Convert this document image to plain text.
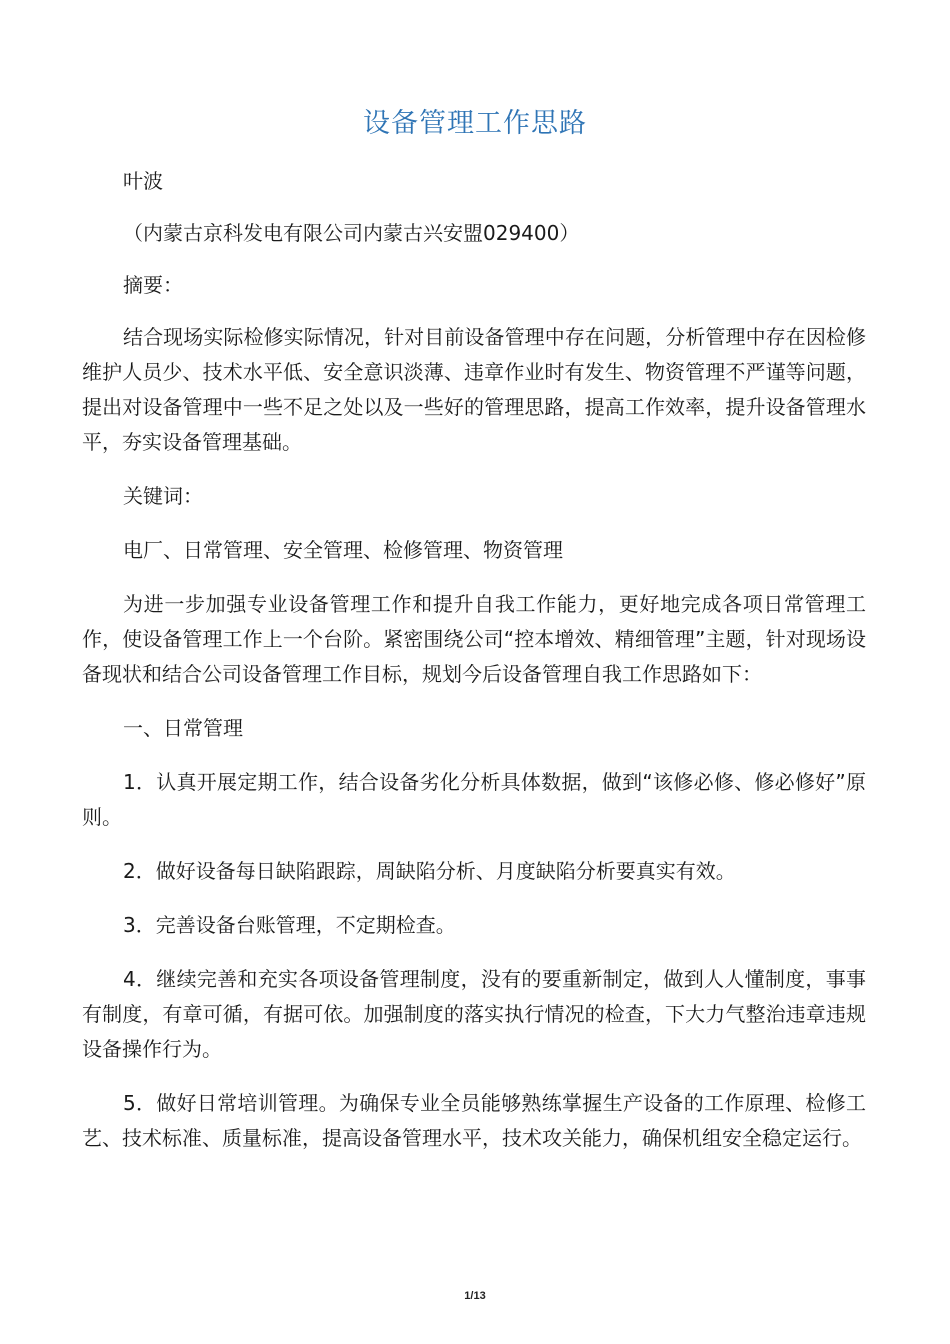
设备管理工作思路

叶波

（内蒙古京科发电有限公司内蒙古兴安盟029400）

摘要：

结合现场实际检修实际情况，针对目前设备管理中存在问题，分析管理中存在因检修维护人员少、技术水平低、安全意识淡薄、违章作业时有发生、物资管理不严谨等问题，提出对设备管理中一些不足之处以及一些好的管理思路，提高工作效率，提升设备管理水平，夯实设备管理基础。

关键词：

电厂、日常管理、安全管理、检修管理、物资管理

为进一步加强专业设备管理工作和提升自我工作能力，更好地完成各项日常管理工作，使设备管理工作上一个台阶。紧密围绕公司“控本增效、精细管理”主题，针对现场设备现状和结合公司设备管理工作目标，规划今后设备管理自我工作思路如下：

一、日常管理

1．认真开展定期工作，结合设备劣化分析具体数据，做到“该修必修、修必修好”原则。

2．做好设备每日缺陷跟踪，周缺陷分析、月度缺陷分析要真实有效。

3．完善设备台账管理，不定期检查。

4．继续完善和充实各项设备管理制度，没有的要重新制定，做到人人懂制度，事事有制度，有章可循，有据可依。加强制度的落实执行情况的检查，下大力气整治违章违规设备操作行为。

5．做好日常培训管理。为确保专业全员能够熟练掌握生产设备的工作原理、检修工艺、技术标准、质量标准，提高设备管理水平，技术攻关能力，确保机组安全稳定运行。

1/13
